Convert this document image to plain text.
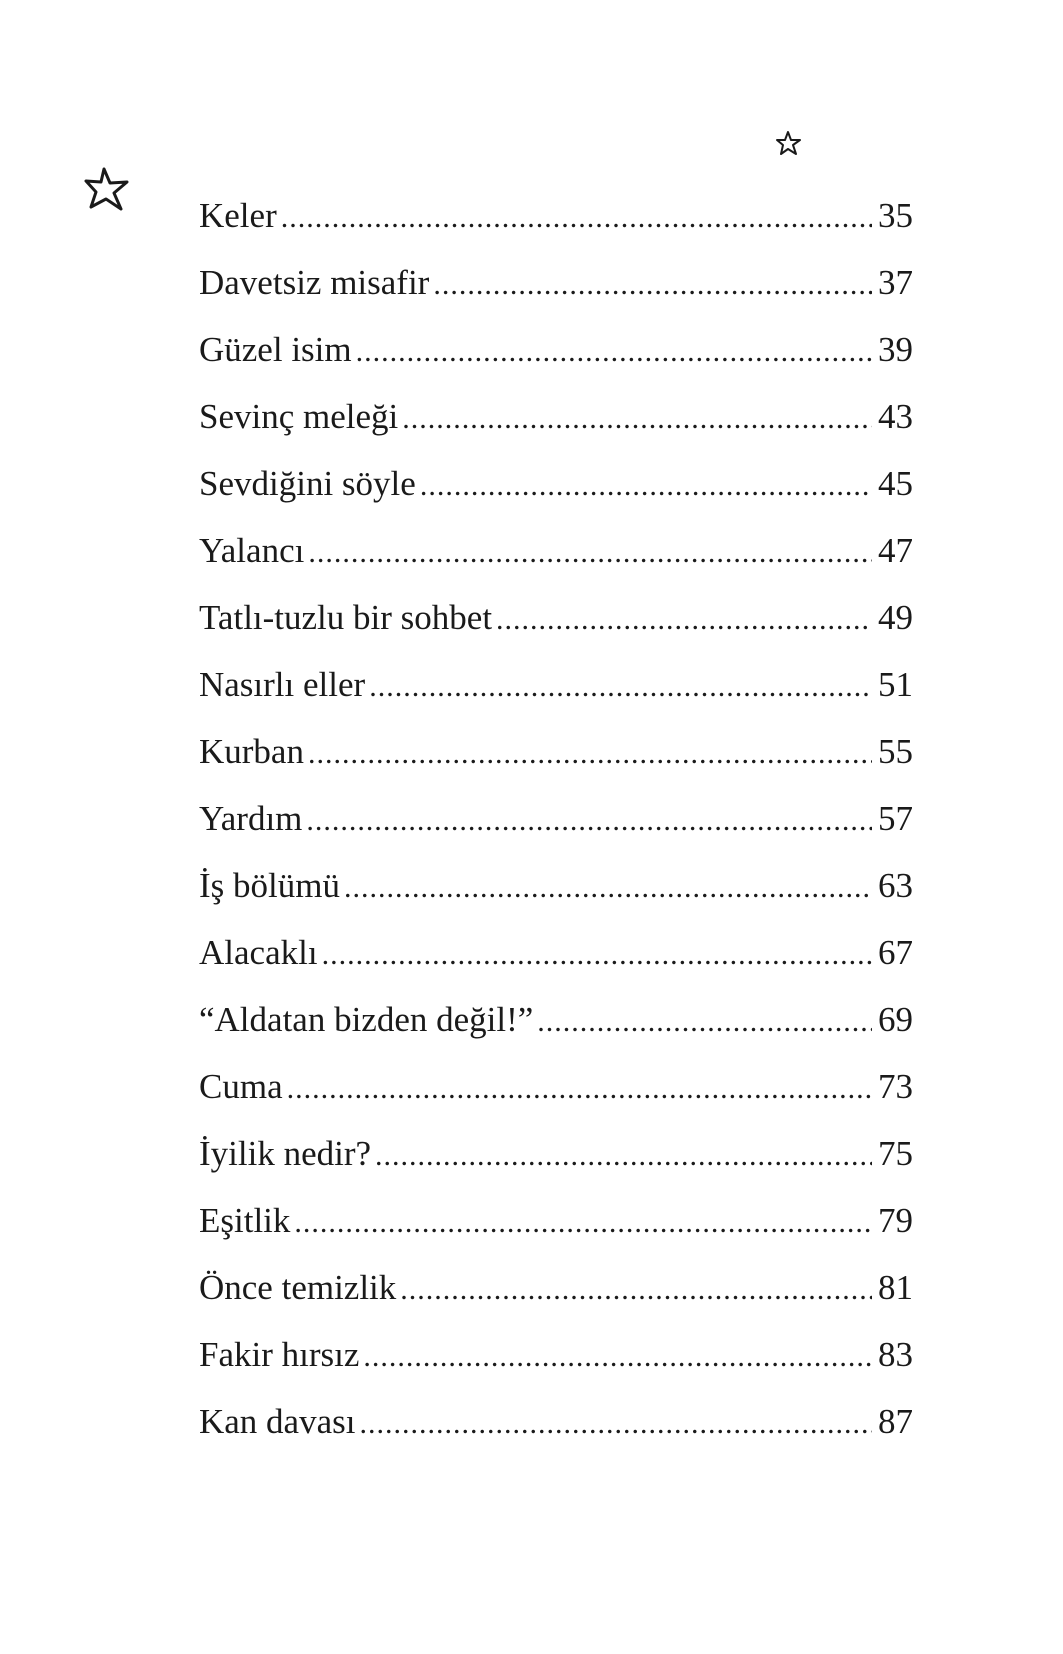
Keler .....	35
Davetsiz misafir .....	37
Güzel isim .....	39
Sevinç meleği .....	43
Sevdiğini söyle .....	45
Yalancı .....	47
Tatlı-tuzlu bir sohbet .....	49
Nasırlı eller .....	51
Kurban .....	55
Yardım .....	57
İş bölümü .....	63
Alacaklı .....	67
“Aldatan bizden değil!” .....	69
Cuma .....	73
İyilik nedir? .....	75
Eşitlik .....	79
Önce temizlik .....	81
Fakir hırsız .....	83
Kan davası .....	87
